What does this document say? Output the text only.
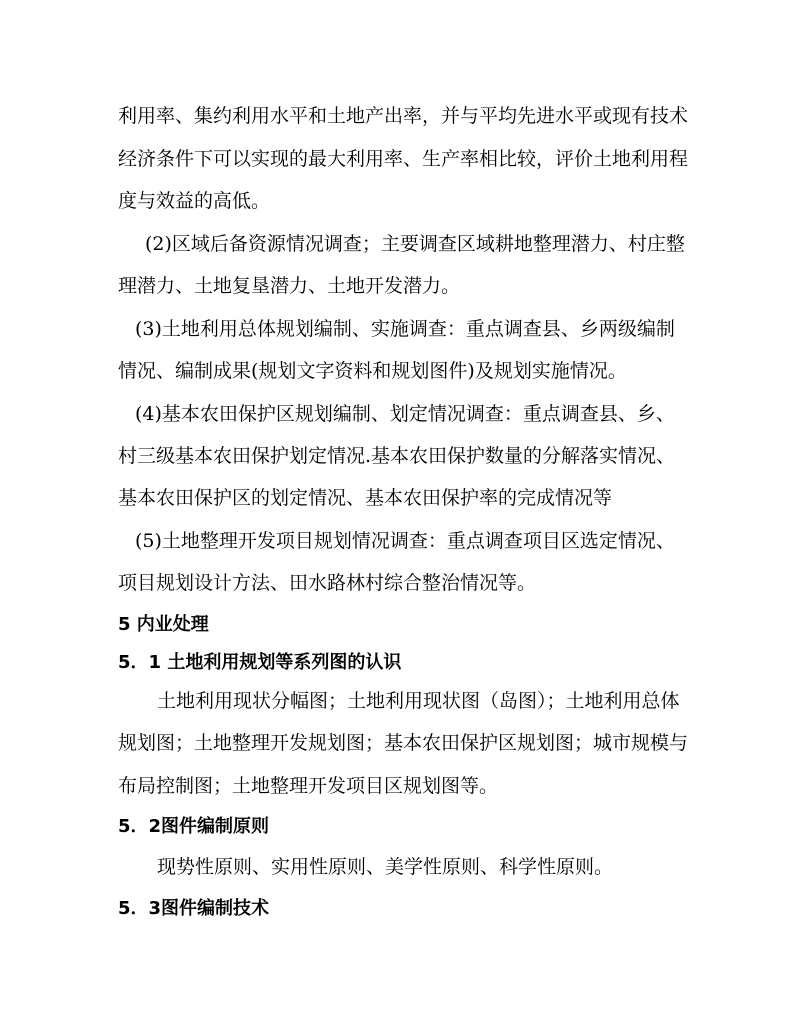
利用率、集约利用水平和土地产出率，并与平均先进水平或现有技术
经济条件下可以实现的最大利用率、生产率相比较，评价土地利用程
度与效益的高低。
(2)区域后备资源情况调查；主要调查区域耕地整理潜力、村庄整
理潜力、土地复垦潜力、土地开发潜力。
(3)土地利用总体规划编制、实施调查：重点调查县、乡两级编制
情况、编制成果(规划文字资料和规划图件)及规划实施情况。
(4)基本农田保护区规划编制、划定情况调查：重点调查县、乡、
村三级基本农田保护划定情况.基本农田保护数量的分解落实情况、
基本农田保护区的划定情况、基本农田保护率的完成情况等
(5)土地整理开发项目规划情况调查：重点调查项目区选定情况、
项目规划设计方法、田水路林村综合整治情况等。
5 内业处理
5．1 土地利用规划等系列图的认识
土地利用现状分幅图；土地利用现状图（岛图）；土地利用总体
规划图；土地整理开发规划图；基本农田保护区规划图；城市规模与
布局控制图；土地整理开发项目区规划图等。
5．2图件编制原则
现势性原则、实用性原则、美学性原则、科学性原则。
5．3图件编制技术
